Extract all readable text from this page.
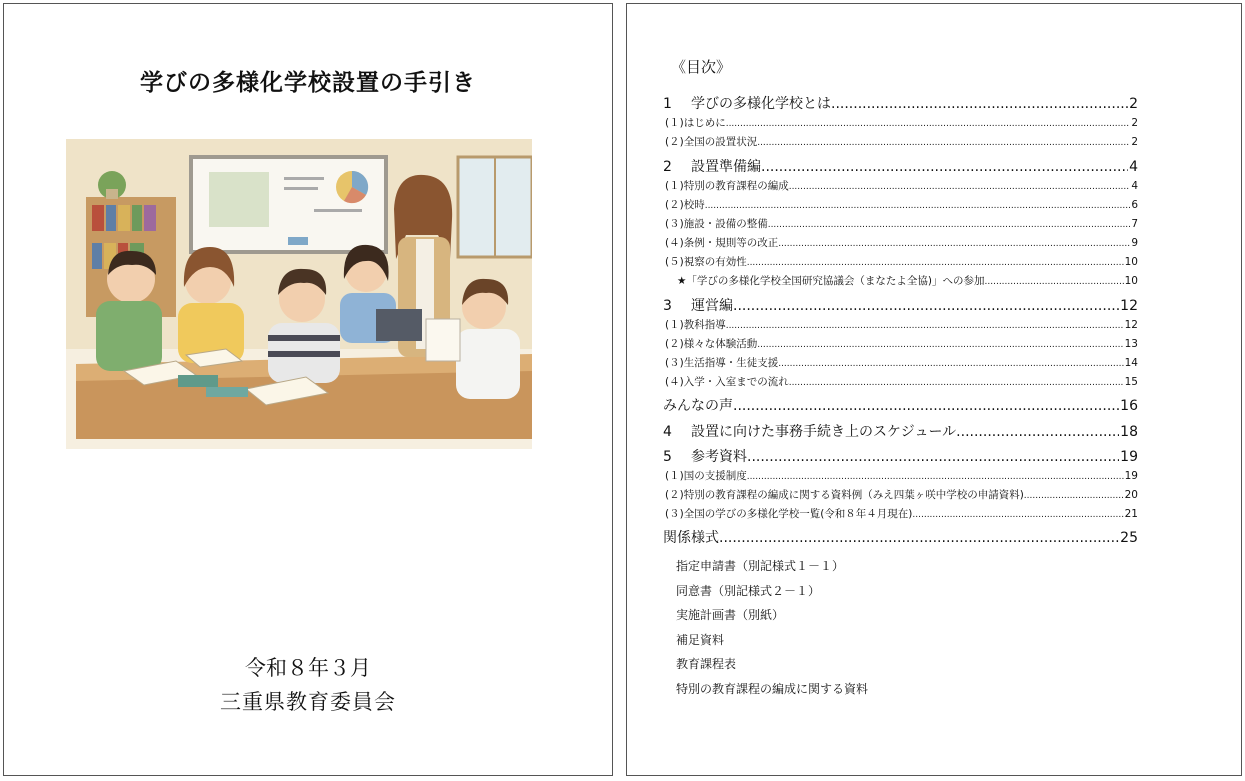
学びの多様化学校設置の手引き
令和８年３月
三重県教育委員会
《目次》
1 学びの多様化学校とは .....	2
(１)はじめに .....	2
(２)全国の設置状況 .....	2
2 設置準備編 .....	4
(１)特別の教育課程の編成 .....	4
(２)校時 .....	6
(３)施設・設備の整備 .....	7
(４)条例・規則等の改正 .....	9
(５)視察の有効性 .....	10
★「学びの多様化学校全国研究協議会（まなたよ全協)」への参加 .....	10
3 運営編 .....	12
(１)教科指導 .....	12
(２)様々な体験活動 .....	13
(３)生活指導・生徒支援 .....	14
(４)入学・入室までの流れ .....	15
みんなの声 .....	16
4 設置に向けた事務手続き上のスケジュール .....	18
5 参考資料 .....	19
(１)国の支援制度 .....	19
(２)特別の教育課程の編成に関する資料例（みえ四葉ヶ咲中学校の申請資料) .....	20
(３)全国の学びの多様化学校一覧(令和８年４月現在) .....	21
関係様式 .....	25
指定申請書（別記様式１－１）
同意書（別記様式２－１）
実施計画書（別紙）
補足資料
教育課程表
特別の教育課程の編成に関する資料
